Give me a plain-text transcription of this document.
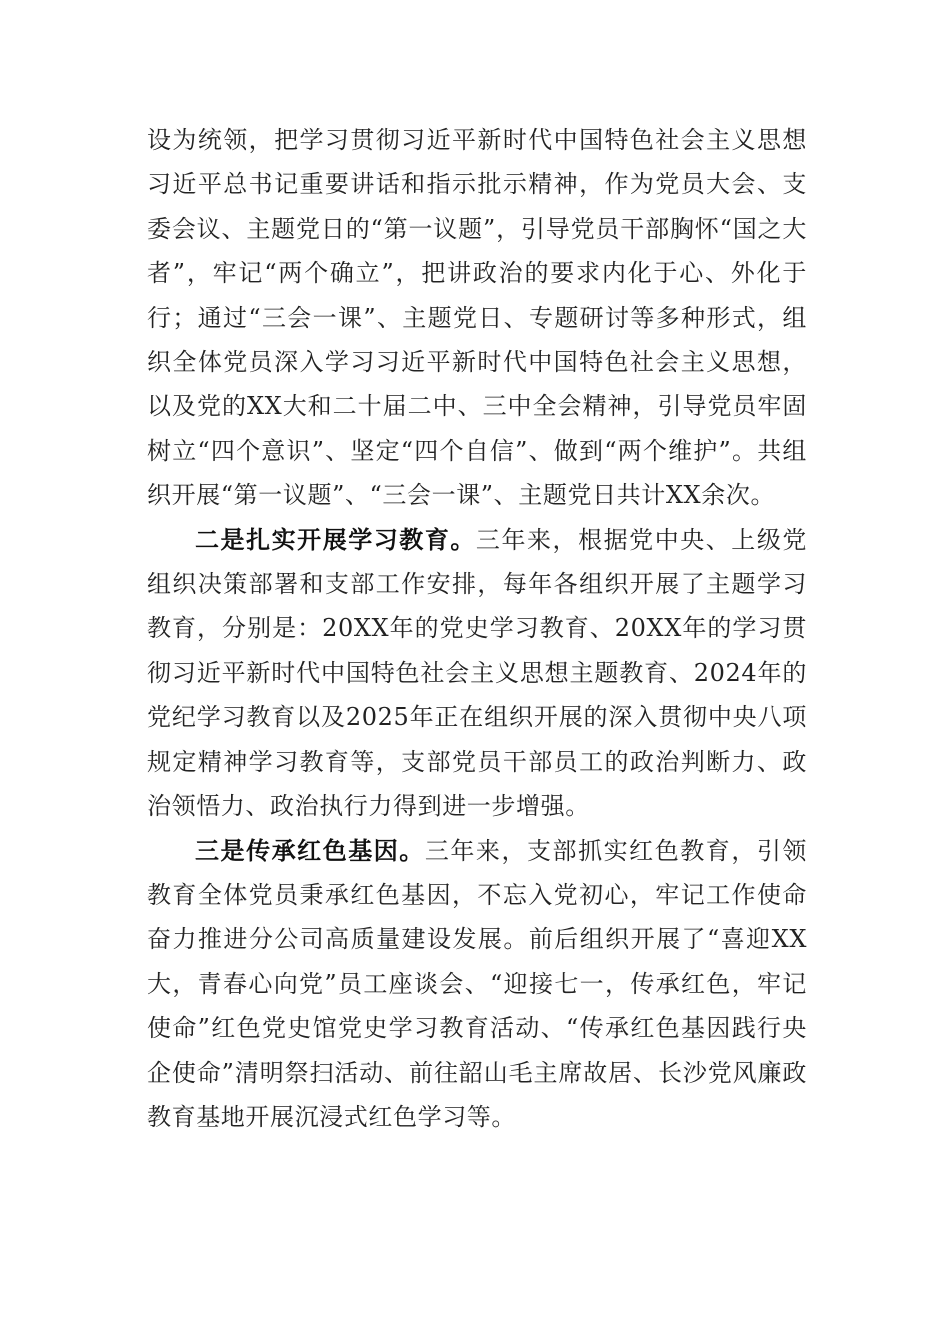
设为统领，把学习贯彻习近平新时代中国特色社会主义思想习近平总书记重要讲话和指示批示精神，作为党员大会、支委会议、主题党日的“第一议题”，引导党员干部胸怀“国之大者”，牢记“两个确立”，把讲政治的要求内化于心、外化于行；通过“三会一课”、主题党日、专题研讨等多种形式，组织全体党员深入学习习近平新时代中国特色社会主义思想，以及党的XX大和二十届二中、三中全会精神，引导党员牢固树立“四个意识”、坚定“四个自信”、做到“两个维护”。共组织开展“第一议题”、“三会一课”、主题党日共计XX余次。

二是扎实开展学习教育。三年来，根据党中央、上级党组织决策部署和支部工作安排，每年各组织开展了主题学习教育，分别是：20XX年的党史学习教育、20XX年的学习贯彻习近平新时代中国特色社会主义思想主题教育、2024年的党纪学习教育以及2025年正在组织开展的深入贯彻中央八项规定精神学习教育等，支部党员干部员工的政治判断力、政治领悟力、政治执行力得到进一步增强。

三是传承红色基因。三年来，支部抓实红色教育，引领教育全体党员秉承红色基因，不忘入党初心，牢记工作使命奋力推进分公司高质量建设发展。前后组织开展了“喜迎XX大，青春心向党”员工座谈会、“迎接七一，传承红色，牢记使命”红色党史馆党史学习教育活动、“传承红色基因践行央企使命”清明祭扫活动、前往韶山毛主席故居、长沙党风廉政教育基地开展沉浸式红色学习等。
